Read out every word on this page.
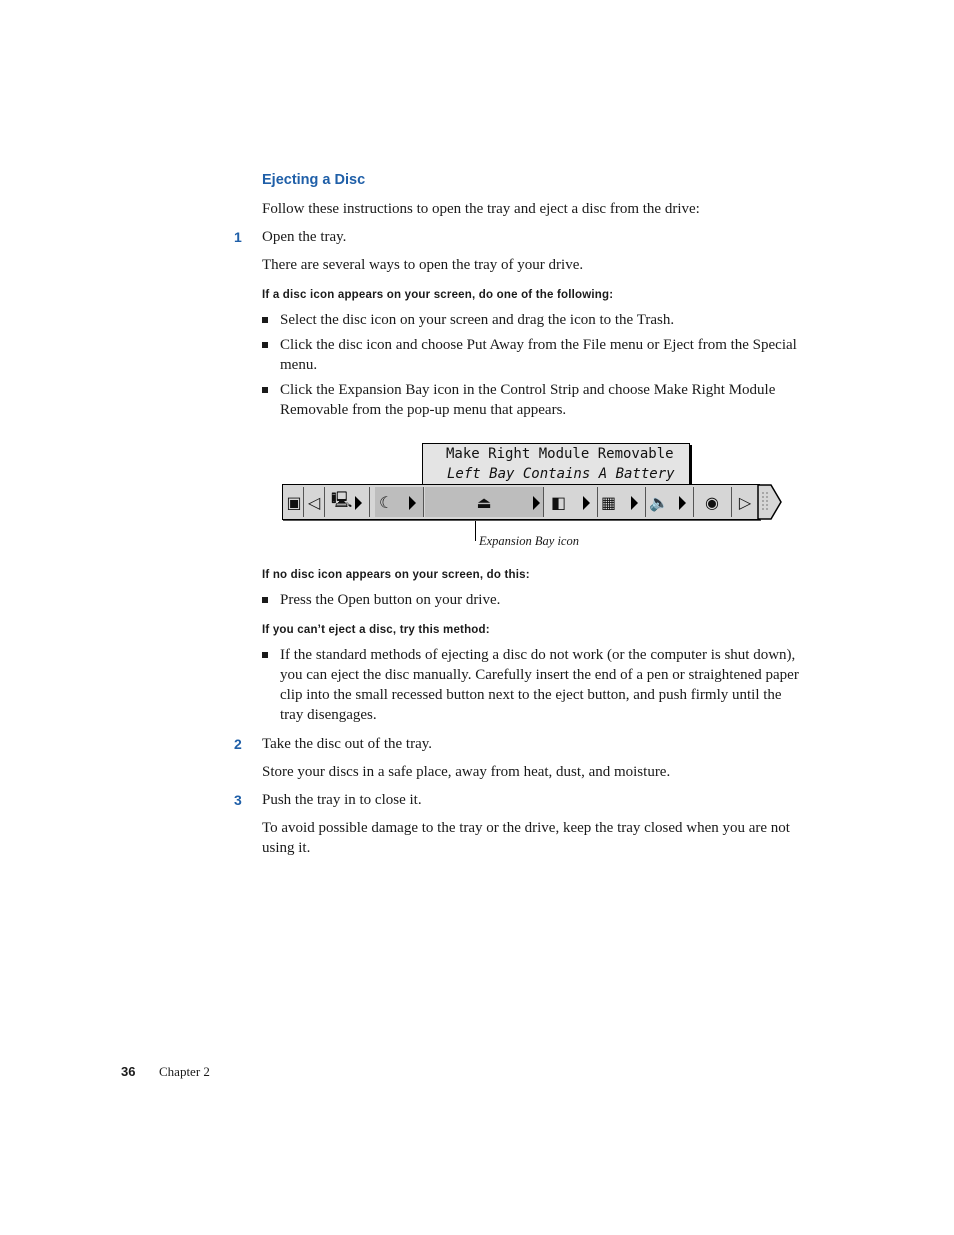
Ejecting a Disc
Follow these instructions to open the tray and eject a disc from the drive:
1 Open the tray.
There are several ways to open the tray of your drive.
If a disc icon appears on your screen, do one of the following:
Select the disc icon on your screen and drag the icon to the Trash.
Click the disc icon and choose Put Away from the File menu or Eject from the Special menu.
Click the Expansion Bay icon in the Control Strip and choose Make Right Module Removable from the pop-up menu that appears.
Make Right Module Removable
Left Bay Contains A Battery
▣ ◁ 🖳	☾	⏏	◧	▦	🔈	◉	▷
Expansion Bay icon
If no disc icon appears on your screen, do this:
Press the Open button on your drive.
If you can’t eject a disc, try this method:
If the standard methods of ejecting a disc do not work (or the computer is shut down), you can eject the disc manually. Carefully insert the end of a pen or straightened paper clip into the small recessed button next to the eject button, and push firmly until the tray disengages.
2 Take the disc out of the tray.
Store your discs in a safe place, away from heat, dust, and moisture.
3 Push the tray in to close it.
To avoid possible damage to the tray or the drive, keep the tray closed when you are not using it.
36 Chapter 2
